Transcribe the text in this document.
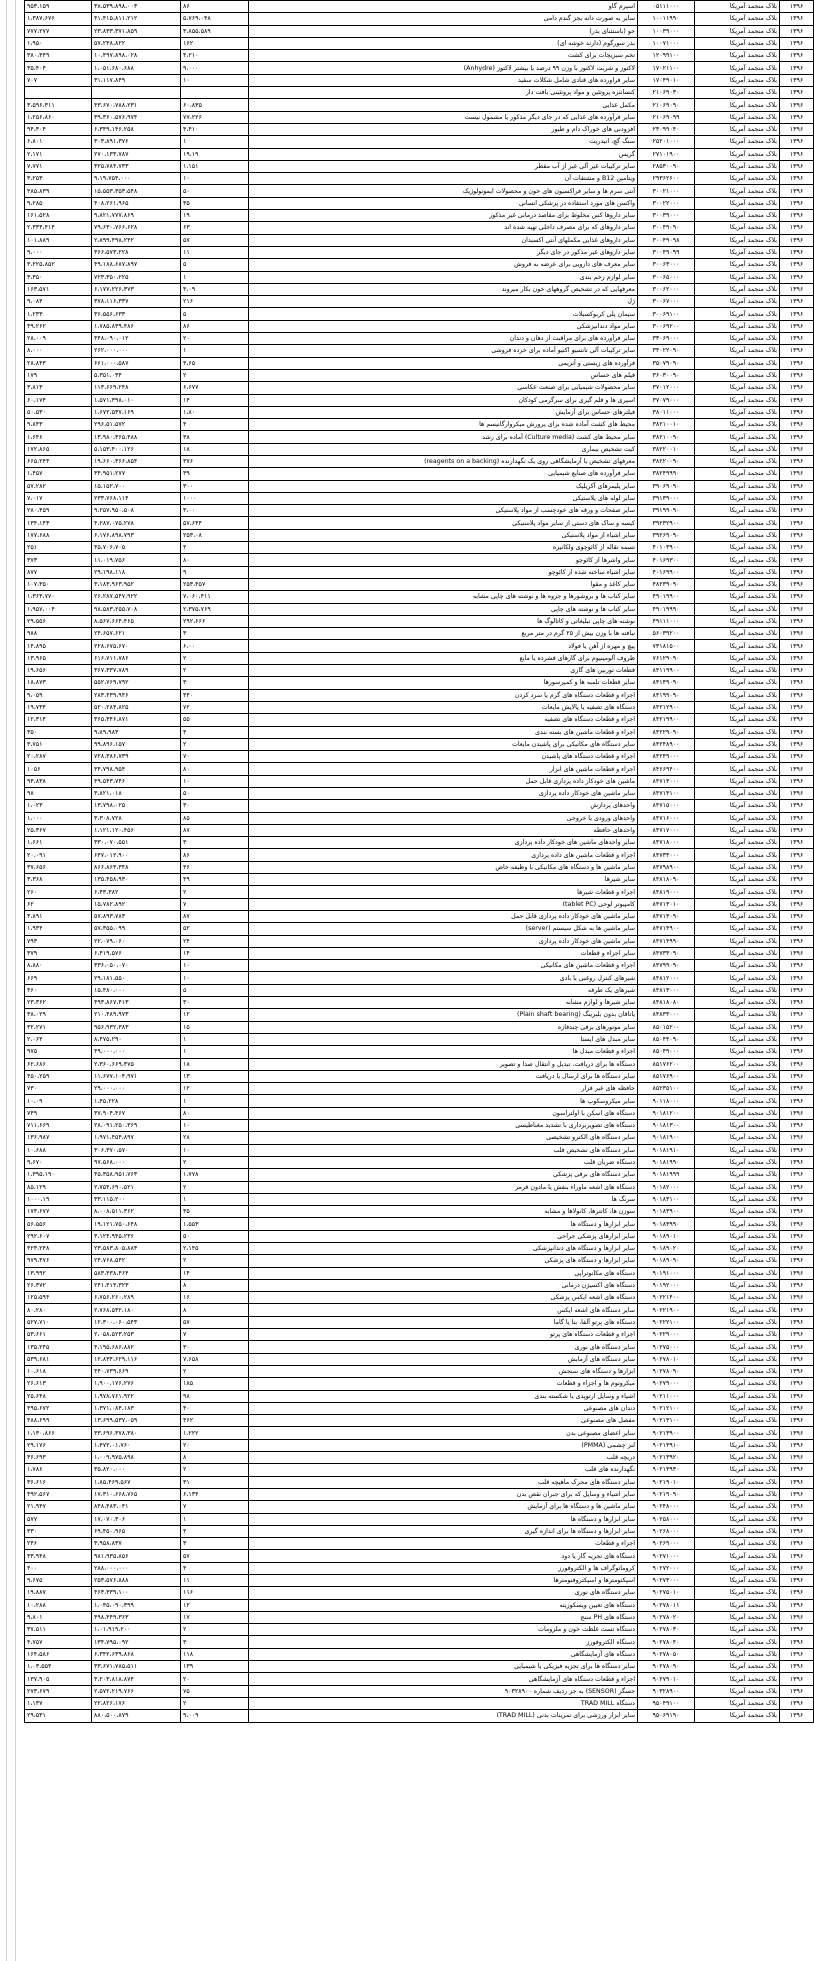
۱۳۹۶	بلاک منجمد آمریکا	۰۵۱۱۱۰۰۰	اسپرم گاو	۸۶	۳۸،۵۳۹،۸۹۸،۰۰۳	۹۵۳،۱۵۹
۱۳۹۶	بلاک منجمد آمریکا	۱۰۰۱۱۹۹۰	سایر به صورت دانه بجز گندم دامی	۵،۷۶۹،۰۴۸	۴۱،۴۱۵،۸۱۱،۲۱۲	۱،۳۸۷،۶۷۶
۱۳۹۶	بلاک منجمد آمریکا	۱۰۰۳۹۰۰۰	جو (باستثنای بذر)	۳،۸۵۵،۵۸۹	۲۳،۸۳۳،۳۷۱،۸۵۹	۷۷۷،۲۷۷
۱۳۹۶	بلاک منجمد آمریکا	۱۰۰۷۱۰۰۰	بذر سورگوم (دارند خوشه ای)	۱۶۲	۵۷،۲۳۸،۸۲۲	۱،۹۵۰
۱۳۹۶	بلاک منجمد آمریکا	۱۲۰۹۹۱۰۰	تخم سبزیجات برای کشت	۴،۲۱۰	۱۰،۴۹۷،۸۹۸،۰۲۸	۳۸۰،۴۴۹
۱۳۹۶	بلاک منجمد آمریکا	۱۷۰۲۱۱۰۰	لاکتوز و شربت لاکتوز با وزن ۹۹ درصد یا بیشتر لاکتوز (Anhydre)	۹،۰۰۰	۱،۰۵۱،۶۸۰،۶۸۸	۳۵،۴۰۴
۱۳۹۶	بلاک منجمد آمریکا	۱۷۰۴۹۰۱۰	سایر فراورده های قنادی شامل شکلات سفید	۱۰	۳۱،۱۱۷،۸۴۹	۷۰۷
۱۳۹۶	بلاک منجمد آمریکا	۲۱۰۶۹۰۳۰	کنسانتره پروتئین و مواد پروتئینی بافت دار			
۱۳۹۶	بلاک منجمد آمریکا	۲۱۰۶۹۰۹۰	مکمل غذایی	۶۰،۸۳۵	۴۳،۶۷۰،۷۸۸،۲۳۱	۳،۵۹۶،۳۱۱
۱۳۹۶	بلاک منجمد آمریکا	۲۱۰۶۹۰۹۹	سایر فرآورده های غذایی که در جای دیگر مذکور یا مشمول نیست	۷۷،۲۲۶	۳۹،۳۶۰،۵۷۶،۹۷۴	۱،۲۵۶،۸۶۰
۱۳۹۶	بلاک منجمد آمریکا	۲۳۰۹۹۰۴۰	افزودنی های خوراک دام و طیور	۴،۴۱۰	۶،۳۴۹،۱۴۶،۲۵۸	۹۴،۳۰۴
۱۳۹۶	بلاک منجمد آمریکا	۲۵۲۰۱۰۰۰	سنگ گچ، انیدریت	۱	۳۰۳،۸۹۱،۳۷۶	۶،۸۰۱
۱۳۹۶	بلاک منجمد آمریکا	۲۷۱۰۱۹۰۰	گریس	۱۹،۱۹	۲۷۰،۱۳۳،۷۸۷	۲،۱۷۱
۱۳۹۶	بلاک منجمد آمریکا	۲۸۵۳۰۰۹۰	سایر ترکیبات غیر آلی غیر از آب مقطر	۱،۱۵۱	۳۲۵،۷۸۴،۷۳۳	۷،۷۷۱
۱۳۹۶	بلاک منجمد آمریکا	۲۹۳۶۲۶۰۰	ویتامین B12 و مشتقات آن	۱۰	۹،۱۹،۷۵۴،۰۰۰	۳،۲۵۳
۱۳۹۶	بلاک منجمد آمریکا	۳۰۰۲۱۰۰۰	آنتی سرم ها و سایر فراکسیون های خون و محصولات ایمونولوژیک	۵۰	۱۵،۵۵۳،۳۵۳،۵۴۸	۴۸۵،۸۳۹
۱۳۹۶	بلاک منجمد آمریکا	۳۰۰۲۲۰۰۰	واکسن های مورد استفاده در پزشکی انسانی	۳۵	۴۰۸،۲۶۱،۹۶۵	۹،۲۸۵
۱۳۹۶	بلاک منجمد آمریکا	۳۰۰۳۹۰۰۰	سایر داروها کس مخلوط برای مقاصد درمانی غیر مذکور	۱۹	۹،۸۲۱،۷۷۷،۸۶۹	۱۶۱،۵۲۸
۱۳۹۶	بلاک منجمد آمریکا	۳۰۰۴۹۰۹۰	سایر داروهای که برای مصرف داخلی تهیه شده اند	۶۳	۷۹،۶۳۰،۷۶۶،۶۲۸	۲،۳۳۴،۴۱۴
۱۳۹۶	بلاک منجمد آمریکا	۳۰۰۴۹۰۹۸	سایر داروهای غذایی مکملهای آنتی اکسیدان	۵۷	۲،۸۹۹،۴۹۸،۲۴۲	۱۰۱،۸۸۹
۱۳۹۶	بلاک منجمد آمریکا	۳۰۰۴۹۰۹۹	سایر داروهای غیر مذکور در جای دیگر	۱۱	۳۶۶،۵۷۳،۲۲۸	۹،۰۰۰
۱۳۹۶	بلاک منجمد آمریکا	۳۰۰۶۳۰۰۰	سایر معرف های دارویی برای عرضه به فروش	۵	۴۹،۱۸۸،۶۸۷،۸۹۷	۳،۲۲۵،۸۵۲
۱۳۹۶	بلاک منجمد آمریکا	۳۰۰۶۵۰۰۰	سایر لوازم زخم بندی	۱	۷۲۳،۳۵۰،۲۲۵	۳،۳۵۰
۱۳۹۶	بلاک منجمد آمریکا	۳۰۰۶۲۰۰۰	معرفهایی که در تشخیص گروههای خون بکار میروند	۴،۰۹	۶،۱۷۷،۲۲۶،۳۷۳	۱۶۳،۵۷۱
۱۳۹۶	بلاک منجمد آمریکا	۳۰۰۶۷۰۰۰	ژل	۲۱۶	۳۷۸،۱۱۶،۳۳۷	۹،۰۸۴
۱۳۹۶	بلاک منجمد آمریکا	۳۰۰۶۹۱۰۰	سیمان پلی کربوکسیلات	۵	۳۶،۵۵۶،۶۳۳	۱،۲۳۳
۱۳۹۶	بلاک منجمد آمریکا	۳۰۰۶۹۲۰۰	سایر مواد دندانپزشکی	۸۶	۱،۷۸۵،۸۳۹،۴۸۶	۴۹،۲۶۲
۱۳۹۶	بلاک منجمد آمریکا	۳۳۰۶۹۰۰۰	سایر فرآورده های برای مراقبت از دهان و دندان	۲۰	۴۴۸،۰۹۰،۰۱۲	۲۸،۰۰۹
۱۳۹۶	بلاک منجمد آمریکا	۳۴۰۲۲۰۹۰	سایر ترکیبات آلی تانسیو اکتیو آماده برای خرده فروشی	۱	۲۶۲،۰۰۰،۰۰۰	۸،۰۰۰
۱۳۹۶	بلاک منجمد آمریکا	۳۵۰۷۹۰۹۰	فرآورده های زیستی و آنزیمی	۴،۶۵	۶۶۱،۰۰۰،۵۸۷	۲۸،۸۴۳
۱۳۹۶	بلاک منجمد آمریکا	۳۶۰۳۰۰۹۰	فیلم های حساس	۲	۵،۳۵۱،۰۳۴	۱۷۹
۱۳۹۶	بلاک منجمد آمریکا	۳۷۰۱۲۰۰۰	سایر محصولات شیمیایی برای صنعت عکاسی	۶،۶۷۷	۱۱۳،۶۶۹،۲۴۸	۳،۸۱۳
۱۳۹۶	بلاک منجمد آمریکا	۳۷۰۷۹۰۰۰	اسپری ها و قلم گیری برای سرگرمی کودکان	۱۴	۱،۵۷۱،۳۹۸،۰۱۰	۶۰،۱۷۴
۱۳۹۶	بلاک منجمد آمریکا	۳۸۰۱۱۰۰۰	فیلترهای حساس برای آزمایش	۱،۸۰	۱،۶۷۲،۵۳۷،۱۶۹	۵۰،۵۳۰
۱۳۹۶	بلاک منجمد آمریکا	۳۸۲۱۰۰۱۰	محیط های کشت آماده شده برای پرورش میکروارگانیسم ها	۴	۲۹۶،۵۱،۵۷۲	۹،۸۴۳
۱۳۹۶	بلاک منجمد آمریکا	۳۸۲۱۰۰۹۰	سایر محیط های کشت (Culture media) آماده برای رشد	۳۸	۱۳،۹۸۰،۳۶۵،۴۸۸	۱،۶۴۶
۱۳۹۶	بلاک منجمد آمریکا	۳۸۲۲۰۰۱۰	کیت تشخیص بیماری	۱۸	۵،۱۵۳،۴۰۰،۱۲۶	۱۷۲،۸۶۵
۱۳۹۶	بلاک منجمد آمریکا	۳۸۲۲۰۰۹۰	معرفهای تشخیص یا آزمایشگاهی روی یک نگهدارنده (reagents on a backing)	۳۷۶	۱۹،۶۶۰،۳۶۶،۸۵۴	۶۶۵،۲۴۴
۱۳۹۶	بلاک منجمد آمریکا	۳۸۲۴۹۹۹۰	سایر فرآورده های صنایع شیمیایی	۳۹	۳۴،۹۵۱،۲۷۷	۱،۴۵۷
۱۳۹۶	بلاک منجمد آمریکا	۳۹۰۶۹۰۹۰	سایر پلیمرهای آکریلیک	۳۰۰	۱۵،۱۵۲،۷۰۰	۵۷،۲۸۲
۱۳۹۶	بلاک منجمد آمریکا	۳۹۱۳۹۰۰۰	سایر لوله های پلاستیکی	۱۰۰۰	۲۳۳،۷۶۸،۱۱۴	۷،۰۱۷
۱۳۹۶	بلاک منجمد آمریکا	۳۹۱۹۹۰۹۰	سایر صفحات و ورقه های خودچسب از مواد پلاستیکی	۳،۰۰	۹،۲۵۷،۹۵۰،۵۰۸	۲۸۰،۴۵۹
۱۳۹۶	بلاک منجمد آمریکا	۳۹۲۳۲۹۰۰	کیسه و ساک های دستی از سایر مواد پلاستیکی	۵۷،۶۴۴	۴،۲۸۷،۰۷۵،۲۷۸	۱۳۴،۱۴۳
۱۳۹۶	بلاک منجمد آمریکا	۳۹۲۶۹۰۹۰	سایر اشیاء از مواد پلاستیکی	۲۵۳،۰۸	۶،۱۷۶،۸۹۸،۷۹۳	۱۷۷،۶۸۸
۱۳۹۶	بلاک منجمد آمریکا	۴۰۱۰۳۹۰۰	تسمه نقاله از کائوچوی ولکانیزه	۴	۴۵،۷۰۶،۷۰۵	۲۵۱
۱۳۹۶	بلاک منجمد آمریکا	۴۰۱۶۹۳۰۰	سایر واشرها از کائوچو	۸۰	۱۱،۰۱۹،۷۵۶	۳۷۳
۱۳۹۶	بلاک منجمد آمریکا	۴۰۱۶۹۹۰۰	سایر اشیاء ساخته شده از کائوچو	۹	۲۹،۱۹۸،۱۱۸	۸۷۷
۱۳۹۶	بلاک منجمد آمریکا	۴۸۲۳۹۰۹۰	سایر کاغذ و مقوا	۲۵۳،۴۵۷	۳،۱۸۳،۹۶۳،۹۵۲	۱۰۷،۳۵۰
۱۳۹۶	بلاک منجمد آمریکا	۴۹۰۱۹۹۰۰	سایر کتاب ها و بروشورها و جزوه ها و نوشته های چاپی مشابه	۷،۰۶۰،۴۱۱	۲۶،۲۸۷،۵۴۷،۹۲۲	۱،۳۶۴،۷۷۰
۱۳۹۶	بلاک منجمد آمریکا	۴۹۰۱۹۹۹۰	سایر کتاب ها و نوشته های چاپی	۲،۳۷۵،۷۶۹	۹۸،۵۸۳،۲۵۵،۷۰۸	۱،۹۵۷،۰۰۴
۱۳۹۶	بلاک منجمد آمریکا	۴۹۱۱۱۰۰۰	نوشته های چاپی تبلیغاتی و کاتالوگ ها	۲۹۲،۶۶۶	۸،۵۶۷،۶۶۴،۴۶۵	۲۹،۵۵۶
۱۳۹۶	بلاک منجمد آمریکا	۵۶۰۳۹۲۰۰	نبافته ها با وزن بیش از ۲۵ گرم در متر مربع	۳	۲۴،۶۵۷،۶۲۱	۹۸۸
۱۳۹۶	بلاک منجمد آمریکا	۷۳۱۸۱۵۰۰	پیچ و مهره از آهن یا فولاد	۶،۰۰	۲۲۸،۶۷۵،۶۷۰	۱۴،۸۹۵
۱۳۹۶	بلاک منجمد آمریکا	۷۶۱۲۹۰۹۰	ظروف آلومینیوم برای گازهای فشرده یا مایع	۲	۶۱۶،۷۱۱،۷۸۶	۱۳،۹۶۵
۱۳۹۶	بلاک منجمد آمریکا	۸۴۱۱۹۹۰۰	قطعات توربین های گازی	۲	۳۶۷،۳۳۷،۷۸۹	۱۹،۶۵۶
۱۳۹۶	بلاک منجمد آمریکا	۸۴۱۴۹۰۹۰	سایر قطعات تلمبه ها و کمپرسورها	۳	۵۵۲،۷۶۹،۷۹۲	۱۸،۸۷۳
۱۳۹۶	بلاک منجمد آمریکا	۸۴۱۹۹۰۹۰	اجزاء و قطعات دستگاه های گرم یا سرد کردن	۴۴۰	۲۸۳،۴۳۹،۹۴۶	۹،۰۵۹
۱۳۹۶	بلاک منجمد آمریکا	۸۴۲۱۲۹۰۰	دستگاه های تصفیه یا پالایش مایعات	۷۲	۵۲۰،۲۸۴،۸۲۵	۱۹،۷۳۴
۱۳۹۶	بلاک منجمد آمریکا	۸۴۲۱۹۹۰۰	اجزاء و قطعات دستگاه های تصفیه	۵۵	۳۶۵،۳۴۶،۸۷۱	۱۲،۳۱۴
۱۳۹۶	بلاک منجمد آمریکا	۸۴۲۲۹۰۹۰	اجزاء و قطعات ماشین های بسته بندی	۴	۹،۸۹،۹۸۳	۳۵۰
۱۳۹۶	بلاک منجمد آمریکا	۸۴۲۴۸۹۰۰	سایر دستگاه های مکانیکی برای پاشیدن مایعات	۲	۹۹،۸۹۶،۱۵۷	۳،۷۵۱
۱۳۹۶	بلاک منجمد آمریکا	۸۴۲۴۹۰۰۰	اجزاء و قطعات دستگاه های پاشیدن	۷۰	۷۲۸،۳۸۶،۷۳۹	۲۰،۲۸۷
۱۳۹۶	بلاک منجمد آمریکا	۸۴۶۶۹۴۰۰	اجزاء و قطعات ماشین های ابزار	۸۰	۳۴،۷۹۸،۹۵۴	۱۰۵۶
۱۳۹۶	بلاک منجمد آمریکا	۸۴۷۱۳۰۰۰	ماشین های خودکار داده پردازی قابل حمل	۱۰	۴۹،۵۴۳،۷۴۶	۹۴،۸۳۸
۱۳۹۶	بلاک منجمد آمریکا	۸۴۷۱۴۱۰۰	سایر ماشین های خودکار داده پردازی	۵۰	۳،۸۲۱،۰۱۸	۹۸
۱۳۹۶	بلاک منجمد آمریکا	۸۴۷۱۵۰۰۰	واحدهای پردازش	۳۰	۱۳،۷۹۸،۰۲۵	۱،۰۲۳
۱۳۹۶	بلاک منجمد آمریکا	۸۴۷۱۶۰۰۰	واحدهای ورودی یا خروجی	۸۵	۳،۳۰۸،۷۲۸	۱،۰۰۰
۱۳۹۶	بلاک منجمد آمریکا	۸۴۷۱۷۰۰۰	واحدهای حافظه	۸۷	۱،۱۲۱،۱۲۰،۴۵۶	۲۵،۳۶۷
۱۳۹۶	بلاک منجمد آمریکا	۸۴۷۱۸۰۰۰	سایر واحدهای ماشین های خودکار داده پردازی	۳	۳۳۰،۰۷۰،۵۵۱	۱،۶۶۱
۱۳۹۶	بلاک منجمد آمریکا	۸۴۷۳۳۰۰۰	اجزاء و قطعات ماشین های داده پردازی	۸۶	۶۴۷،۰۱۲،۹۰۰	۲۰،۰۹۱
۱۳۹۶	بلاک منجمد آمریکا	۸۴۷۹۸۹۰۰	سایر ماشین ها و دستگاه های مکانیکی با وظیفه خاص	۴۶	۸۶۶،۸۶۳،۳۴۸	۳۷،۶۵۶
۱۳۹۶	بلاک منجمد آمریکا	۸۴۸۱۸۰۹۰	سایر شیرها	۴۹	۱۳۵،۴۵۸،۹۳۰	۳،۳۶۸
۱۳۹۶	بلاک منجمد آمریکا	۸۴۸۱۹۰۰۰	اجزاء و قطعات شیرها	۲	۶،۴۳،۳۸۲	۲۶۰
۱۳۹۶	بلاک منجمد آمریکا	۸۴۷۱۳۰۱۰	کامپیوتر لوحی (tablet PC)	۷	۱۵،۷۸۲،۸۹۲	۶۲
۱۳۹۶	بلاک منجمد آمریکا	۸۴۷۱۳۰۹۰	سایر ماشین های خودکار داده پردازی قابل حمل	۸۷	۵۷،۸۹۳،۷۸۳	۳،۸۹۱
۱۳۹۶	بلاک منجمد آمریکا	۸۴۷۱۴۹۰۰	سایر ماشین ها به شکل سیستم (server)	۵۲	۵۷،۳۵۵،۰۹۹	۱،۹۳۴
۱۳۹۶	بلاک منجمد آمریکا	۸۴۷۱۴۹۹۰	سایر ماشین های خودکار داده پردازی	۲۴	۲۲،۰۷۹،۰۶۰	۷۹۳
۱۳۹۶	بلاک منجمد آمریکا	۸۴۷۳۳۰۹۰	سایر اجزاء و قطعات	۱۴	۶،۴۱۹،۵۷۶	۳۷۹
۱۳۹۶	بلاک منجمد آمریکا	۸۴۷۹۹۰۹۰	اجزاء و قطعات ماشین های مکانیکی	۱۰	۳۳۶،۰۵۰،۰۷۰	۸،۸۸۰
۱۳۹۶	بلاک منجمد آمریکا	۸۴۸۱۲۰۰۰	شیرهای کنترل روغنی یا بادی	۱۰	۲۹،۱۸۱،۵۵۰	۶۶۹
۱۳۹۶	بلاک منجمد آمریکا	۸۴۸۱۳۰۰۰	شیرهای یک طرفه	۵	۱۵،۴۸۰،۰۰۰	۴۶۰
۱۳۹۶	بلاک منجمد آمریکا	۸۴۸۱۸۰۸۰	سایر شیرها و لوازم مشابه	۳۰	۴۹۳،۸۶۷،۴۱۳	۲۳،۳۶۲
۱۳۹۶	بلاک منجمد آمریکا	۸۴۸۳۳۰۰۰	یاتاقان بدون بلبرینگ (Plain shaft bearing)	۱۲	۲۱۰،۴۸۹،۹۷۳	۳۸،۰۲۹
۱۳۹۶	بلاک منجمد آمریکا	۸۵۰۱۵۲۰۰	سایر موتورهای برقی چندفازه	۱۵	۹۵۶،۹۳۲،۳۸۳	۳۲،۲۷۱
۱۳۹۶	بلاک منجمد آمریکا	۸۵۰۴۴۰۹۰	سایر مبدل های ایستا	۱	۸،۴۷۵،۲۹۰	۲،۰۶۴
۱۳۹۶	بلاک منجمد آمریکا	۸۵۰۴۹۰۰۰	اجزاء و قطعات مبدل ها	۱	۴۹،۰۰۰،۰۰۰	۹۷۵
۱۳۹۶	بلاک منجمد آمریکا	۸۵۱۷۶۲۰۰	دستگاه ها برای دریافت، تبدیل و انتقال صدا و تصویر	۱۸	۲،۳۶۰،۶۶۹،۳۷۵	۶۲،۶۸۶
۱۳۹۶	بلاک منجمد آمریکا	۸۵۱۷۶۹۰۰	سایر دستگاه ها برای ارسال یا دریافت	۱۳	۱۱،۶۷۷،۱۰۴،۹۷۱	۴۵۰،۲۵۹
۱۳۹۶	بلاک منجمد آمریکا	۸۵۲۳۵۱۰۰	حافظه های غیر فرار	۱۲	۲۹،۰۰۰،۰۰۰	۷۳۰
۱۳۹۶	بلاک منجمد آمریکا	۹۰۱۱۸۰۰۰	سایر میکروسکوپ ها	۱	۱،۴۵،۲۲۸	۱۰،۰۹
۱۳۹۶	بلاک منجمد آمریکا	۹۰۱۸۱۲۰۰	دستگاه های اسکن با اولتراسون	۸۰	۳۷،۹۰۴،۴۶۷	۷۴۹
۱۳۹۶	بلاک منجمد آمریکا	۹۰۱۸۱۳۰۰	دستگاه های تصویربرداری با تشدید مغناطیسی	۱۰	۲۸،۰۹۱،۲۵۰،۳۶۹	۷۱۱،۶۶۹
۱۳۹۶	بلاک منجمد آمریکا	۹۰۱۸۱۹۰۰	سایر دستگاه های الکترو تشخیصی	۲۸	۱،۹۷۱،۴۵۴،۸۹۷	۱۳۶،۹۸۷
۱۳۹۶	بلاک منجمد آمریکا	۹۰۱۸۱۹۱۰	سایر دستگاه های تشخیص قلب	۱۰	۳۰۶،۳۷۰،۵۷۰	۱۰،۶۸۸
۱۳۹۶	بلاک منجمد آمریکا	۹۰۱۸۱۹۹۰	دستگاه ضربان قلب	۲	۹۷،۵۶۸،۰۰۰	۹،۶۷۰
۱۳۹۶	بلاک منجمد آمریکا	۹۰۱۸۱۹۹۹	سایر دستگاه های برقی پزشکی	۱،۷۷۸	۴۵،۳۵۸،۹۵۱،۷۶۳	۱،۳۹۵،۱۹۰
۱۳۹۶	بلاک منجمد آمریکا	۹۰۱۸۲۰۰۰	دستگاه های اشعه ماوراء بنفش یا مادون قرمز	۲	۲،۷۵۴،۶۹۰،۵۲۱	۸۵،۱۲۹
۱۳۹۶	بلاک منجمد آمریکا	۹۰۱۸۳۱۰۰	سرنگ ها	۱	۳۳،۱۱۵،۲۰۰	۱۰۰۰،۱۹
۱۳۹۶	بلاک منجمد آمریکا	۹۰۱۸۳۹۰۰	سوزن ها، کاتترها، کانولاها و مشابه	۳۵	۸،۰۰۸،۵۱۱،۳۶۲	۱۷۴،۶۷۷
۱۳۹۶	بلاک منجمد آمریکا	۹۰۱۸۳۹۹۰	سایر ابزارها و دستگاه ها	۱،۵۵۳	۱۹،۱۲۱،۷۵۰،۶۴۸	۵۶،۵۵۶
۱۳۹۶	بلاک منجمد آمریکا	۹۰۱۸۹۰۱۰	سایر ابزارهای پزشکی جراحی	۵۰	۳،۱۲۴،۹۴۵،۲۳۶	۲۹۲،۶۰۷
۱۳۹۶	بلاک منجمد آمریکا	۹۰۱۸۹۰۲۰	سایر ابزارها و دستگاه های دندانپزشکی	۲،۱۴۵	۲۳،۵۸۳،۸۰۵،۸۸۳	۴۲۳،۲۴۸
۱۳۹۶	بلاک منجمد آمریکا	۹۰۱۸۹۰۹۰	سایر ابزارها و دستگاه های پزشکی	۲	۲۴،۷۶۸،۵۴۲	۹۷۹،۴۷۶
۱۳۹۶	بلاک منجمد آمریکا	۹۰۱۹۱۰۰۰	دستگاه های مکانوتراپی	۱۴	۵۸۳،۴۳۸،۴۶۴	۱۳،۹۹۲
۱۳۹۶	بلاک منجمد آمریکا	۹۰۱۹۲۰۰۰	دستگاه های اکسیژن درمانی	۸	۲۴۱،۴۱۴،۳۲۳	۲۶،۳۷۲
۱۳۹۶	بلاک منجمد آمریکا	۹۰۲۲۱۴۰۰	دستگاه های اشعه ایکس پزشکی	۱۶	۶،۷۵۶،۲۶۰،۲۸۹	۱۲۵،۵۹۴
۱۳۹۶	بلاک منجمد آمریکا	۹۰۲۲۱۹۰۰	سایر دستگاه های اشعه ایکس	۸	۲،۷۶۸،۵۳۲،۱۸۰	۸۰،۲۸۰
۱۳۹۶	بلاک منجمد آمریکا	۹۰۲۲۲۱۰۰	دستگاه های پرتو آلفا، بتا یا گاما	۵۷	۱۲،۳۰۰،۰۶۰،۵۴۳	۵۲۷،۷۱۰
۱۳۹۶	بلاک منجمد آمریکا	۹۰۲۲۹۰۰۰	اجزاء و قطعات دستگاه های پرتو	۷	۲،۰۵۸،۵۲۳،۲۵۳	۵۳،۶۶۱
۱۳۹۶	بلاک منجمد آمریکا	۹۰۲۷۵۰۰۰	سایر دستگاه های نوری	۳۰	۴،۱۹۵،۶۸۶،۸۸۲	۱۳۵،۲۴۵
۱۳۹۶	بلاک منجمد آمریکا	۹۰۲۷۸۰۱۰	سایر دستگاه های آزمایش	۷،۶۵۸	۱۲،۸۳۴،۶۲۹،۱۱۶	۵۳۹،۶۸۱
۱۳۹۶	بلاک منجمد آمریکا	۹۰۲۷۸۰۹۰	ابزارها و دستگاه های سنجش	۲	۴۴۰،۷۳۹،۶۶۹	۱۰،۶۱۸
۱۳۹۶	بلاک منجمد آمریکا	۹۰۲۷۹۰۰۰	میکروتوم ها و اجزاء و قطعات	۱۸۵	۱،۹۰۰،۱۷۶،۲۷۶	۲۶،۶۱۳
۱۳۹۶	بلاک منجمد آمریکا	۹۰۲۱۱۰۰۰	اشیاء و وسایل ارتوپدی یا شکسته بندی	۹۸	۱،۹۷۸،۷۶۱،۹۲۲	۲۵،۶۴۸
۱۳۹۶	بلاک منجمد آمریکا	۹۰۲۱۲۱۰۰	دندان های مصنوعی	۴۰	۱،۳۷۱،۰۸۴،۱۸۳	۴۹۵،۶۷۲
۱۳۹۶	بلاک منجمد آمریکا	۹۰۲۱۳۱۰۰	مفصل های مصنوعی	۴۶۲	۱۳،۶۹۹،۵۳۷،۰۵۹	۴۸۸،۶۹۹
۱۳۹۶	بلاک منجمد آمریکا	۹۰۲۱۳۹۰۰	سایر اعضای مصنوعی بدن	۱،۲۲۲	۳۳،۶۹۶،۳۷۸،۳۸۰	۱،۱۳۰،۸۶۶
۱۳۹۶	بلاک منجمد آمریکا	۹۰۲۱۳۹۱۰	لنز چشمی (PMMA)	۲۰	۱،۴۷۲،۰۱،۷۶۰	۲۹،۱۷۶
۱۳۹۶	بلاک منجمد آمریکا	۹۰۲۱۳۹۲۰	دریچه قلب	۸	۱،۰۰۹،۹۷۵،۸۹۸	۳۶،۶۹۳
۱۳۹۶	بلاک منجمد آمریکا	۹۰۲۱۳۹۳۰	نگهدارنده های قلب	۲	۳۵،۸۲۰،۰۰۰	۱،۷۸۶
۱۳۹۶	بلاک منجمد آمریکا	۹۰۲۱۹۰۱۰	سایر دستگاه های محرک ماهیچه قلب	۳۱	۱،۸۵،۴۶۹،۵۶۷	۳۶،۶۱۶
۱۳۹۶	بلاک منجمد آمریکا	۹۰۲۱۹۰۹۰	سایر اشیاء و وسایل که برای جبران نقص بدن	۶،۱۳۴	۱۷،۳۱۰،۶۶۸،۷۶۵	۴۹۲،۵۶۷
۱۳۹۶	بلاک منجمد آمریکا	۹۰۲۴۸۰۰۰	سایر ماشین ها و دستگاه ها برای آزمایش	۷	۸۴۸،۴۸۳،۰۴۱	۲۱،۹۴۷
۱۳۹۶	بلاک منجمد آمریکا	۹۰۲۵۸۰۰۰	سایر ابزارها و دستگاه ها	۱	۱۷،۰۷۰،۳۰۶	۵۷۷
۱۳۹۶	بلاک منجمد آمریکا	۹۰۲۶۸۰۰۰	سایر ابزارها و دستگاه ها برای اندازه گیری	۴	۶۹،۴۵۰،۹۶۵	۳۳۰
۱۳۹۶	بلاک منجمد آمریکا	۹۰۲۶۹۰۰۰	اجزاء و قطعات	۳	۳،۹۵۸،۸۳۷	۲۴۶
۱۳۹۶	بلاک منجمد آمریکا	۹۰۲۷۱۰۰۰	دستگاه های تجزیه گاز یا دود	۵۷	۹۸۱،۹۳۵،۸۵۶	۳۳،۹۴۸
۱۳۹۶	بلاک منجمد آمریکا	۹۰۲۷۲۰۰۰	کروماتوگراف ها و الکتروفورز	۴	۲۸۸،۰۰۰،۰۰۰	۴۰۰
۱۳۹۶	بلاک منجمد آمریکا	۹۰۲۷۳۰۰۰	اسپکتومترها و اسپکتروفتومترها	۱۱	۲۵۳،۵۷۶،۸۸۸	۹،۶۷۵
۱۳۹۶	بلاک منجمد آمریکا	۹۰۲۷۵۰۱۰	سایر دستگاه های نوری	۱۱۶	۴۶۳،۳۳۹،۱۰۰	۱۹،۸۸۷
۱۳۹۶	بلاک منجمد آمریکا	۹۰۲۷۸۰۱۱	دستگاه های تعیین ویسکوزیته	۱۲	۱،۰۴۵،۰۹۰،۳۹۹	۱۰،۲۸۸
۱۳۹۶	بلاک منجمد آمریکا	۹۰۲۷۸۰۲۰	دستگاه های PH سنج	۱۷	۴۹۸،۴۴۹،۳۶۳	۹،۸۰۱
۱۳۹۶	بلاک منجمد آمریکا	۹۰۲۷۸۰۳۰	دستگاه تست غلظت خون و ملزومات	۲	۱،۰۱،۹۱۹،۲۰۰	۳۷،۵۱۱
۱۳۹۶	بلاک منجمد آمریکا	۹۰۲۷۸۰۴۰	دستگاه الکتروفورز	۳	۱۳۴،۷۹۵،۰۹۲	۴،۷۵۷
۱۳۹۶	بلاک منجمد آمریکا	۹۰۲۷۸۰۵۰	دستگاه های آزمایشگاهی	۱۱۸	۶،۳۴۲،۶۳۹،۸۶۸	۱۶۴،۵۸۶
۱۳۹۶	بلاک منجمد آمریکا	۹۰۲۷۸۰۹۰	سایر دستگاه ها برای تجزیه فیزیکی یا شیمیایی	۱۳۹	۳۳،۶۷۱،۷۸۵،۵۱۱	۱،۰۳،۵۵۴
۱۳۹۶	بلاک منجمد آمریکا	۹۰۲۷۹۰۱۰	اجزاء و قطعات دستگاه های آزمایشگاهی	۲۰	۳،۲۰۳،۸۱۸،۸۷۴	۱۳۷،۹۰۵
۱۳۹۶	بلاک منجمد آمریکا	۹۰۳۲۸۹۰۰	حسگر (SENSOR) به جز ردیف شماره ۹۰۳۲۸۹۰۰	۷۵	۲،۵۷۲،۲۱۹،۷۶۶	۲۷۳،۶۷۹
۱۳۹۶	بلاک منجمد آمریکا	۹۵۰۴۹۱۰۰	دستگاه TRAD MILL	۲	۲۲،۸۲۶،۱۷۶	۱،۱۳۷
۱۳۹۶	بلاک منجمد آمریکا	۹۵۰۶۹۱۹۰	سایر ابزار ورزشی برای تمرینات بدنی (TRAD MILL)	۹،۰۰۹	۸۸۰،۵۰۰،۸۷۹	۲۹،۵۳۱
